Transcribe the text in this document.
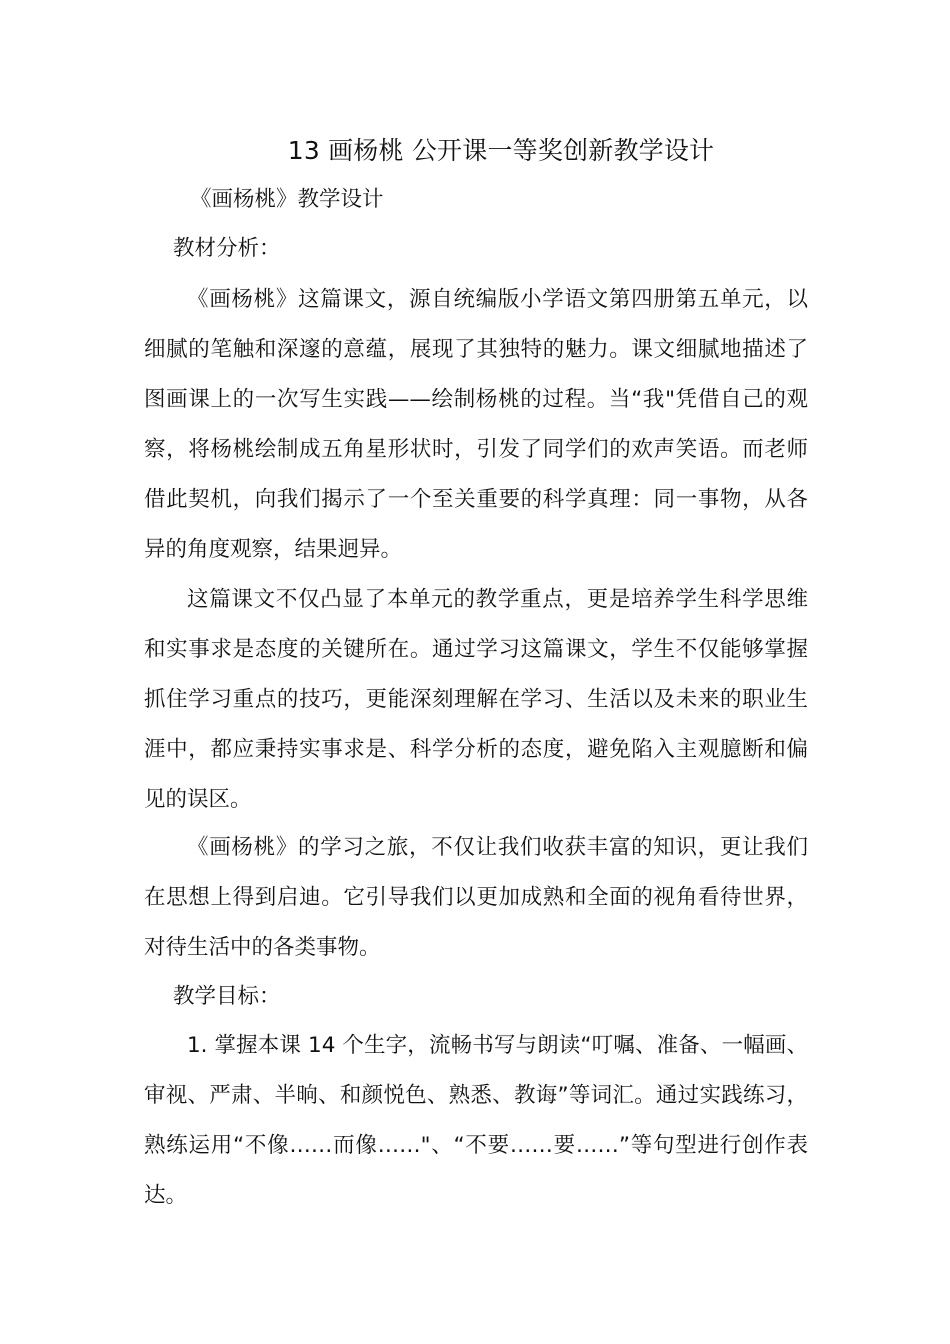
13 画杨桃 公开课一等奖创新教学设计
《画杨桃》教学设计
教材分析：

《画杨桃》这篇课文，源自统编版小学语文第四册第五单元，以细腻的笔触和深邃的意蕴，展现了其独特的魅力。课文细腻地描述了图画课上的一次写生实践——绘制杨桃的过程。当“我"凭借自己的观察，将杨桃绘制成五角星形状时，引发了同学们的欢声笑语。而老师借此契机，向我们揭示了一个至关重要的科学真理：同一事物，从各异的角度观察，结果迥异。

这篇课文不仅凸显了本单元的教学重点，更是培养学生科学思维和实事求是态度的关键所在。通过学习这篇课文，学生不仅能够掌握抓住学习重点的技巧，更能深刻理解在学习、生活以及未来的职业生涯中，都应秉持实事求是、科学分析的态度，避免陷入主观臆断和偏见的误区。

《画杨桃》的学习之旅，不仅让我们收获丰富的知识，更让我们在思想上得到启迪。它引导我们以更加成熟和全面的视角看待世界，对待生活中的各类事物。

教学目标：

1. 掌握本课 14 个生字，流畅书写与朗读“叮嘱、准备、一幅画、审视、严肃、半晌、和颜悦色、熟悉、教诲”等词汇。通过实践练习，熟练运用“不像……而像……"、“不要……要……”等句型进行创作表达。
